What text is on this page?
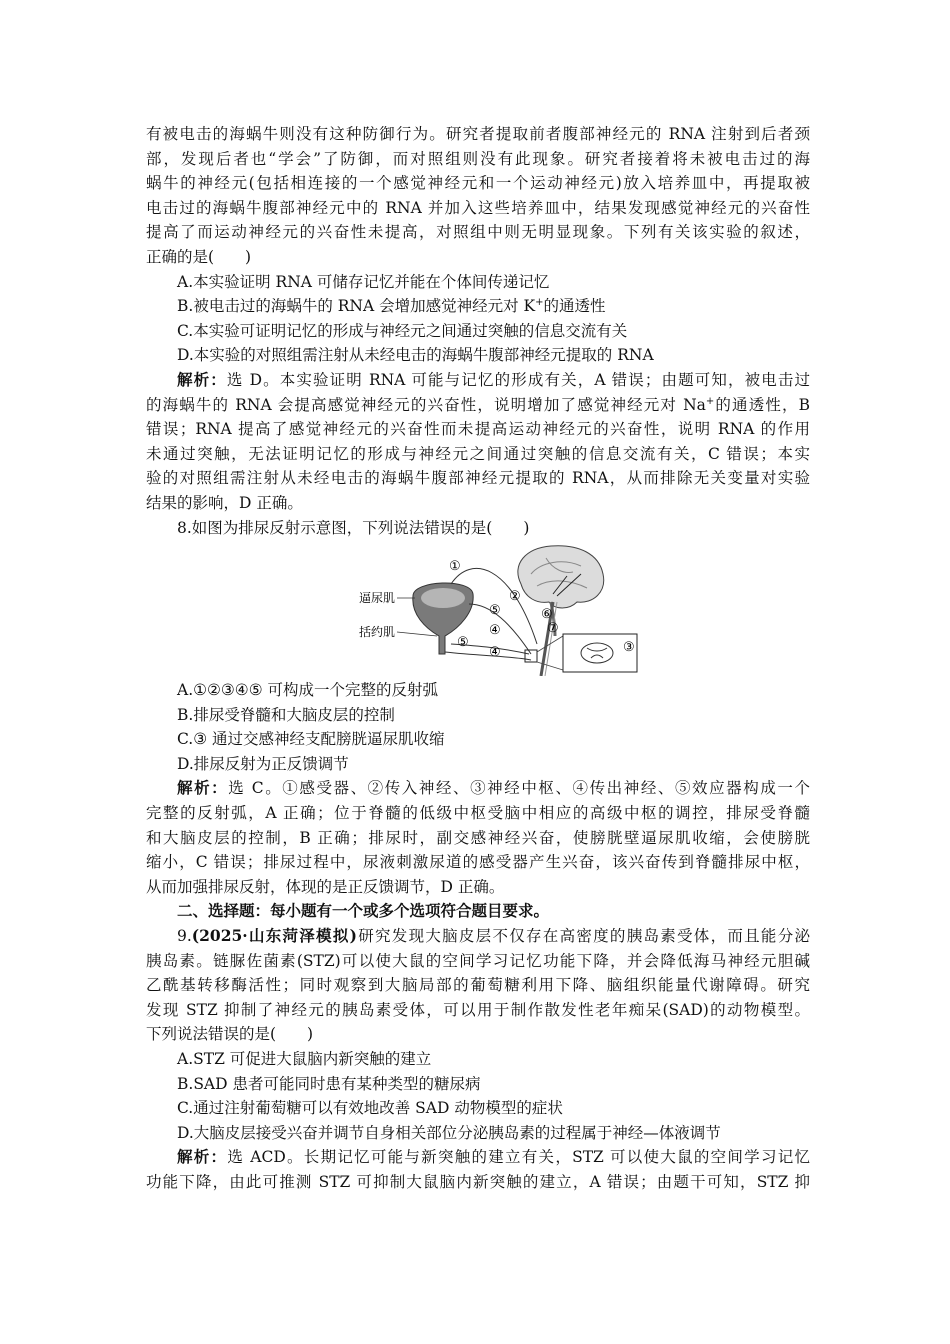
有被电击的海蜗牛则没有这种防御行为。研究者提取前者腹部神经元的 RNA 注射到后者颈
部，发现后者也“学会”了防御，而对照组则没有此现象。研究者接着将未被电击过的海
蜗牛的神经元(包括相连接的一个感觉神经元和一个运动神经元)放入培养皿中，再提取被
电击过的海蜗牛腹部神经元中的 RNA 并加入这些培养皿中，结果发现感觉神经元的兴奋性
提高了而运动神经元的兴奋性未提高，对照组中则无明显现象。下列有关该实验的叙述，
正确的是(　　)
A.本实验证明 RNA 可储存记忆并能在个体间传递记忆
B.被电击过的海蜗牛的 RNA 会增加感觉神经元对 K+的通透性
C.本实验可证明记忆的形成与神经元之间通过突触的信息交流有关
D.本实验的对照组需注射从未经电击的海蜗牛腹部神经元提取的 RNA
解析：选 D。本实验证明 RNA 可能与记忆的形成有关，A 错误；由题可知，被电击过
的海蜗牛的 RNA 会提高感觉神经元的兴奋性，说明增加了感觉神经元对 Na+的通透性，B
错误；RNA 提高了感觉神经元的兴奋性而未提高运动神经元的兴奋性，说明 RNA 的作用
未通过突触，无法证明记忆的形成与神经元之间通过突触的信息交流有关，C 错误；本实
验的对照组需注射从未经电击的海蜗牛腹部神经元提取的 RNA，从而排除无关变量对实验
结果的影响，D 正确。
8.如图为排尿反射示意图，下列说法错误的是(　　)
逼尿肌
括约肌
①
②
③
④
④
⑤
⑤
⑥
⑦
A.①②③④⑤ 可构成一个完整的反射弧
B.排尿受脊髓和大脑皮层的控制
C.③ 通过交感神经支配膀胱逼尿肌收缩
D.排尿反射为正反馈调节
解析：选 C。①感受器、②传入神经、③神经中枢、④传出神经、⑤效应器构成一个
完整的反射弧，A 正确；位于脊髓的低级中枢受脑中相应的高级中枢的调控，排尿受脊髓
和大脑皮层的控制，B 正确；排尿时，副交感神经兴奋，使膀胱壁逼尿肌收缩，会使膀胱
缩小，C 错误；排尿过程中，尿液刺激尿道的感受器产生兴奋，该兴奋传到脊髓排尿中枢，
从而加强排尿反射，体现的是正反馈调节，D 正确。
二、选择题：每小题有一个或多个选项符合题目要求。
9.(2025·山东菏泽模拟)研究发现大脑皮层不仅存在高密度的胰岛素受体，而且能分泌
胰岛素。链脲佐菌素(STZ)可以使大鼠的空间学习记忆功能下降，并会降低海马神经元胆碱
乙酰基转移酶活性；同时观察到大脑局部的葡萄糖利用下降、脑组织能量代谢障碍。研究
发现 STZ 抑制了神经元的胰岛素受体，可以用于制作散发性老年痴呆(SAD)的动物模型。
下列说法错误的是(　　)
A.STZ 可促进大鼠脑内新突触的建立
B.SAD 患者可能同时患有某种类型的糖尿病
C.通过注射葡萄糖可以有效地改善 SAD 动物模型的症状
D.大脑皮层接受兴奋并调节自身相关部位分泌胰岛素的过程属于神经—体液调节
解析：选 ACD。长期记忆可能与新突触的建立有关，STZ 可以使大鼠的空间学习记忆
功能下降，由此可推测 STZ 可抑制大鼠脑内新突触的建立，A 错误；由题干可知，STZ 抑
